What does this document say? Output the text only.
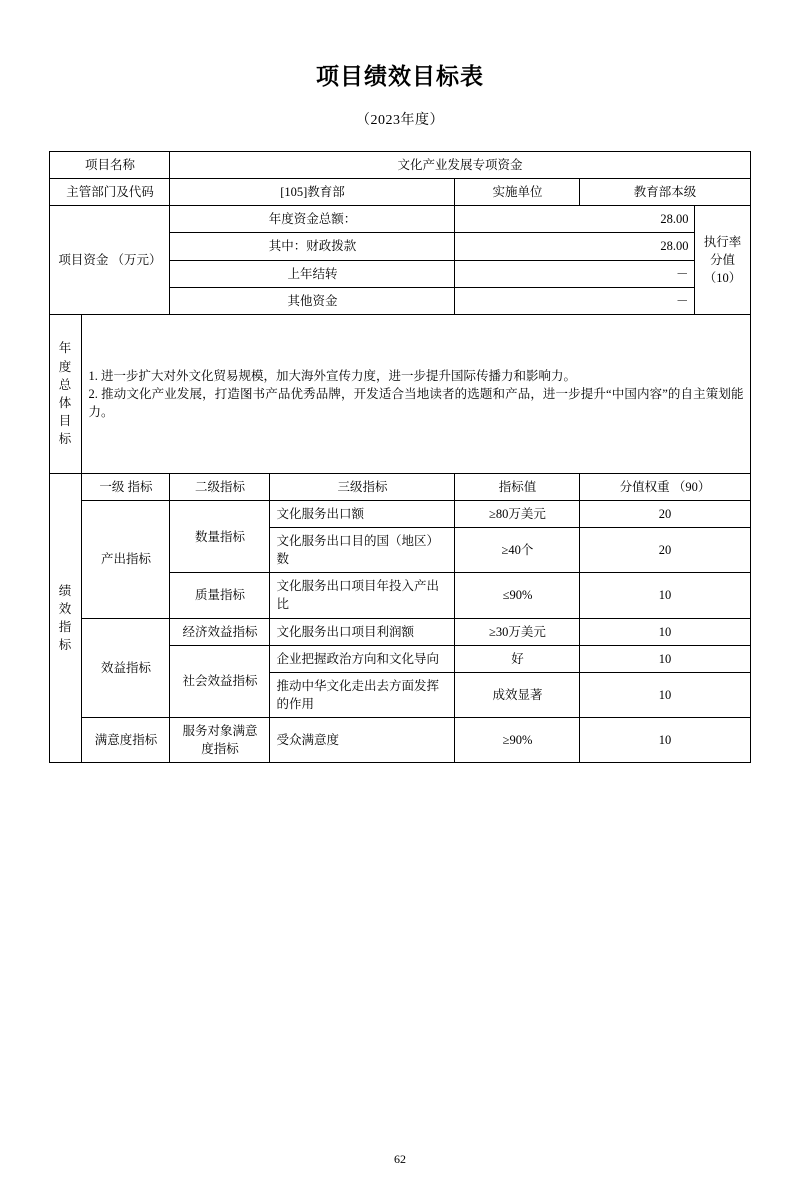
项目绩效目标表
（2023年度）
项目名称		文化产业发展专项资金				
主管部门及代码		[105]教育部		实施单位	教育部本级	
项目资金 （万元）		年度资金总额：		28.00		执行率 分值 （10）
		其中：财政拨款		28.00		
		上年结转		－		
		其他资金		－		

年
度
总
体
目
标

1. 进一步扩大对外文化贸易规模，加大海外宣传力度，进一步提升国际传播力和影响力。

2. 推动文化产业发展，打造图书产品优秀品牌，开发适合当地读者的选题和产品，进一步提升“中国内容”的自主策划能力。

绩
效
指
标	一级 指标	二级指标	三级指标	指标值	分值权重 （90）	
	产出指标	数量指标	文化服务出口额	≥80万美元	20	
			文化服务出口目的国（地区）数	≥40个	20	
		质量指标	文化服务出口项目年投入产出比	≤90%	10	
	效益指标	经济效益指标	文化服务出口项目利润额	≥30万美元	10	
		社会效益指标	企业把握政治方向和文化导向	好	10	
			推动中华文化走出去方面发挥的作用	成效显著	10	
	满意度指标	服务对象满意度指标	受众满意度	≥90%	10	
62
